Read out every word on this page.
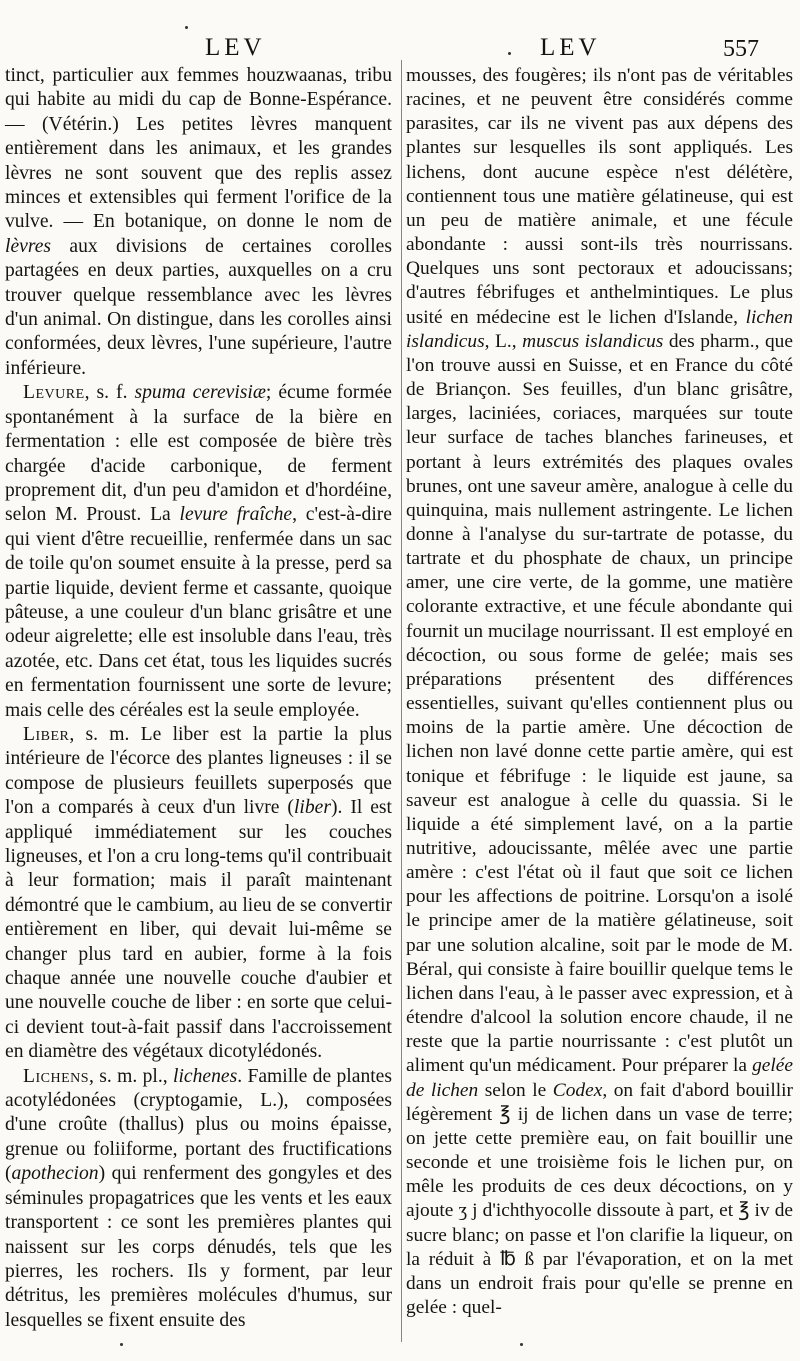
LEV	LEV	557

tinct, particulier aux femmes houzwaanas, tribu qui habite au midi du cap de Bonne-Espérance. — (Vétérin.) Les petites lèvres manquent entièrement dans les animaux, et les grandes lèvres ne sont souvent que des replis assez minces et extensibles qui ferment l'orifice de la vulve. — En botanique, on donne le nom de lèvres aux divisions de certaines corolles partagées en deux parties, auxquelles on a cru trouver quelque ressemblance avec les lèvres d'un animal. On distingue, dans les corolles ainsi conformées, deux lèvres, l'une supérieure, l'autre inférieure.

Levure, s. f. spuma cerevisiæ; écume formée spontanément à la surface de la bière en fermentation : elle est composée de bière très chargée d'acide carbonique, de ferment proprement dit, d'un peu d'amidon et d'hordéine, selon M. Proust. La levure fraîche, c'est-à-dire qui vient d'être recueillie, renfermée dans un sac de toile qu'on soumet ensuite à la presse, perd sa partie liquide, devient ferme et cassante, quoique pâteuse, a une couleur d'un blanc grisâtre et une odeur aigrelette; elle est insoluble dans l'eau, très azotée, etc. Dans cet état, tous les liquides sucrés en fermentation fournissent une sorte de levure; mais celle des céréales est la seule employée.

Liber, s. m. Le liber est la partie la plus intérieure de l'écorce des plantes ligneuses : il se compose de plusieurs feuillets superposés que l'on a comparés à ceux d'un livre (liber). Il est appliqué immédiatement sur les couches ligneuses, et l'on a cru long-tems qu'il contribuait à leur formation; mais il paraît maintenant démontré que le cambium, au lieu de se convertir entièrement en liber, qui devait lui-même se changer plus tard en aubier, forme à la fois chaque année une nouvelle couche d'aubier et une nouvelle couche de liber : en sorte que celui-ci devient tout-à-fait passif dans l'accroissement en diamètre des végétaux dicotylédonés.

Lichens, s. m. pl., lichenes. Famille de plantes acotylédonées (cryptogamie, L.), composées d'une croûte (thallus) plus ou moins épaisse, grenue ou foliiforme, portant des fructifications (apothecion) qui renferment des gongyles et des séminules propagatrices que les vents et les eaux transportent : ce sont les premières plantes qui naissent sur les corps dénudés, tels que les pierres, les rochers. Ils y forment, par leur détritus, les premières molécules d'humus, sur lesquelles se fixent ensuite des

mousses, des fougères; ils n'ont pas de véritables racines, et ne peuvent être considérés comme parasites, car ils ne vivent pas aux dépens des plantes sur lesquelles ils sont appliqués. Les lichens, dont aucune espèce n'est délétère, contiennent tous une matière gélatineuse, qui est un peu de matière animale, et une fécule abondante : aussi sont-ils très nourrissans. Quelques uns sont pectoraux et adoucissans; d'autres fébrifuges et anthelmintiques. Le plus usité en médecine est le lichen d'Islande, lichen islandicus, L., muscus islandicus des pharm., que l'on trouve aussi en Suisse, et en France du côté de Briançon. Ses feuilles, d'un blanc grisâtre, larges, laciniées, coriaces, marquées sur toute leur surface de taches blanches farineuses, et portant à leurs extrémités des plaques ovales brunes, ont une saveur amère, analogue à celle du quinquina, mais nullement astringente. Le lichen donne à l'analyse du sur-tartrate de potasse, du tartrate et du phosphate de chaux, un principe amer, une cire verte, de la gomme, une matière colorante extractive, et une fécule abondante qui fournit un mucilage nourrissant. Il est employé en décoction, ou sous forme de gelée; mais ses préparations présentent des différences essentielles, suivant qu'elles contiennent plus ou moins de la partie amère. Une décoction de lichen non lavé donne cette partie amère, qui est tonique et fébrifuge : le liquide est jaune, sa saveur est analogue à celle du quassia. Si le liquide a été simplement lavé, on a la partie nutritive, adoucissante, mêlée avec une partie amère : c'est l'état où il faut que soit ce lichen pour les affections de poitrine. Lorsqu'on a isolé le principe amer de la matière gélatineuse, soit par une solution alcaline, soit par le mode de M. Béral, qui consiste à faire bouillir quelque tems le lichen dans l'eau, à le passer avec expression, et à étendre d'alcool la solution encore chaude, il ne reste que la partie nourrissante : c'est plutôt un aliment qu'un médicament. Pour préparer la gelée de lichen selon le Codex, on fait d'abord bouillir légèrement ℥ ij de lichen dans un vase de terre; on jette cette première eau, on fait bouillir une seconde et une troisième fois le lichen pur, on mêle les produits de ces deux décoctions, on y ajoute ʒ j d'ichthyocolle dissoute à part, et ℥ iv de sucre blanc; on passe et l'on clarifie la liqueur, on la réduit à ℔ ß par l'évaporation, et on la met dans un endroit frais pour qu'elle se prenne en gelée : quel-
